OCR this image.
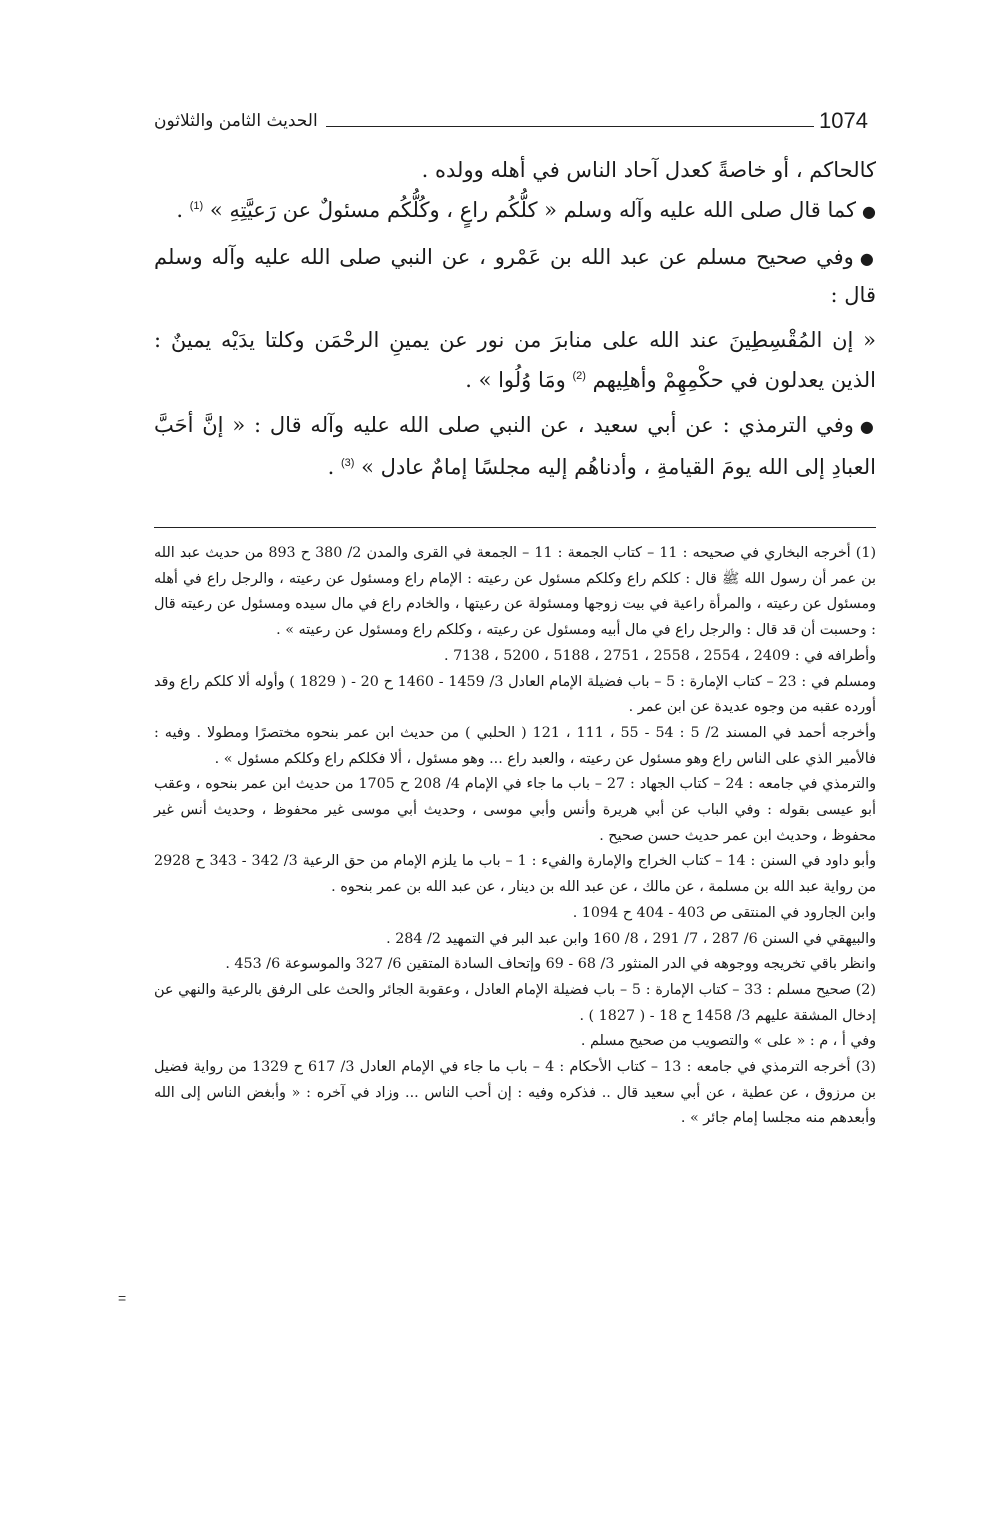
1074
الحديث الثامن والثلاثون

كالحاكم ، أو خاصةً كعدل آحاد الناس في أهله وولده .

●كما قال صلى الله عليه وآله وسلم « كلُّكُم راعٍ ، وكُلُّكُم مسئولٌ عن رَعيَّتِهِ » $^{(1)}$ .

●وفي صحيح مسلم عن عبد الله بن عَمْرو ، عن النبي صلى الله عليه وآله وسلم قال :

« إن المُقْسِطِينَ عند الله على منابرَ من نور عن يمينِ الرحْمَن وكلتا يدَيْه يمينٌ : الذين يعدلون في حكْمِهِمْ وأهلِيهم $^{(2)}$ ومَا وُلُوا » .

●وفي الترمذي : عن أبي سعيد ، عن النبي صلى الله عليه وآله قال : « إنَّ أحَبَّ العبادِ إلى الله يومَ القيامةِ ، وأدناهُم إليه مجلسًا إمامٌ عادل » $^{(3)}$ .

(1) أخرجه البخاري في صحيحه : 11 – كتاب الجمعة : 11 – الجمعة في القرى والمدن 2/ 380 ح 893 من حديث عبد الله بن عمر أن رسول الله ﷺ قال : كلكم راع وكلكم مسئول عن رعيته : الإمام راع ومسئول عن رعيته ، والرجل راع في أهله ومسئول عن رعيته ، والمرأة راعية في بيت زوجها ومسئولة عن رعيتها ، والخادم راع في مال سيده ومسئول عن رعيته قال : وحسبت أن قد قال : والرجل راع في مال أبيه ومسئول عن رعيته ، وكلكم راع ومسئول عن رعيته » .

وأطرافه في : 2409 ، 2554 ، 2558 ، 2751 ، 5188 ، 5200 ، 7138 .

ومسلم في : 23 – كتاب الإمارة : 5 – باب فضيلة الإمام العادل 3/ 1459 - 1460 ح 20 - ( 1829 ) وأوله ألا كلكم راع وقد أورده عقبه من وجوه عديدة عن ابن عمر .

وأخرجه أحمد في المسند 2/ 5 : 54 - 55 ، 111 ، 121 ( الحلبي ) من حديث ابن عمر بنحوه مختصرًا ومطولا . وفيه : فالأمير الذي على الناس راع وهو مسئول عن رعيته ، والعبد راع ... وهو مسئول ، ألا فكلكم راع وكلكم مسئول » .

والترمذي في جامعه : 24 – كتاب الجهاد : 27 – باب ما جاء في الإمام 4/ 208 ح 1705 من حديث ابن عمر بنحوه ، وعقب أبو عيسى بقوله : وفي الباب عن أبي هريرة وأنس وأبي موسى ، وحديث أبي موسى غير محفوظ ، وحديث أنس غير محفوظ ، وحديث ابن عمر حديث حسن صحيح .

وأبو داود في السنن : 14 – كتاب الخراج والإمارة والفيء : 1 – باب ما يلزم الإمام من حق الرعية 3/ 342 - 343 ح 2928 من رواية عبد الله بن مسلمة ، عن مالك ، عن عبد الله بن دينار ، عن عبد الله بن عمر بنحوه .

وابن الجارود في المنتقى ص 403 - 404 ح 1094 .

والبيهقي في السنن 6/ 287 ، 7/ 291 ، 8/ 160 وابن عبد البر في التمهيد 2/ 284 .

وانظر باقي تخريجه ووجوهه في الدر المنثور 3/ 68 - 69 وإتحاف السادة المتقين 6/ 327 والموسوعة 6/ 453 .

(2) صحيح مسلم : 33 – كتاب الإمارة : 5 – باب فضيلة الإمام العادل ، وعقوبة الجائر والحث على الرفق بالرعية والنهي عن إدخال المشقة عليهم 3/ 1458 ح 18 - ( 1827 ) .

وفي أ ، م : « على » والتصويب من صحيح مسلم .

(3) أخرجه الترمذي في جامعه : 13 – كتاب الأحكام : 4 – باب ما جاء في الإمام العادل 3/ 617 ح 1329 من رواية فضيل بن مرزوق ، عن عطية ، عن أبي سعيد قال .. فذكره وفيه : إن أحب الناس ... وزاد في آخره : « وأبغض الناس إلى الله وأبعدهم منه مجلسا إمام جائر » .

=
